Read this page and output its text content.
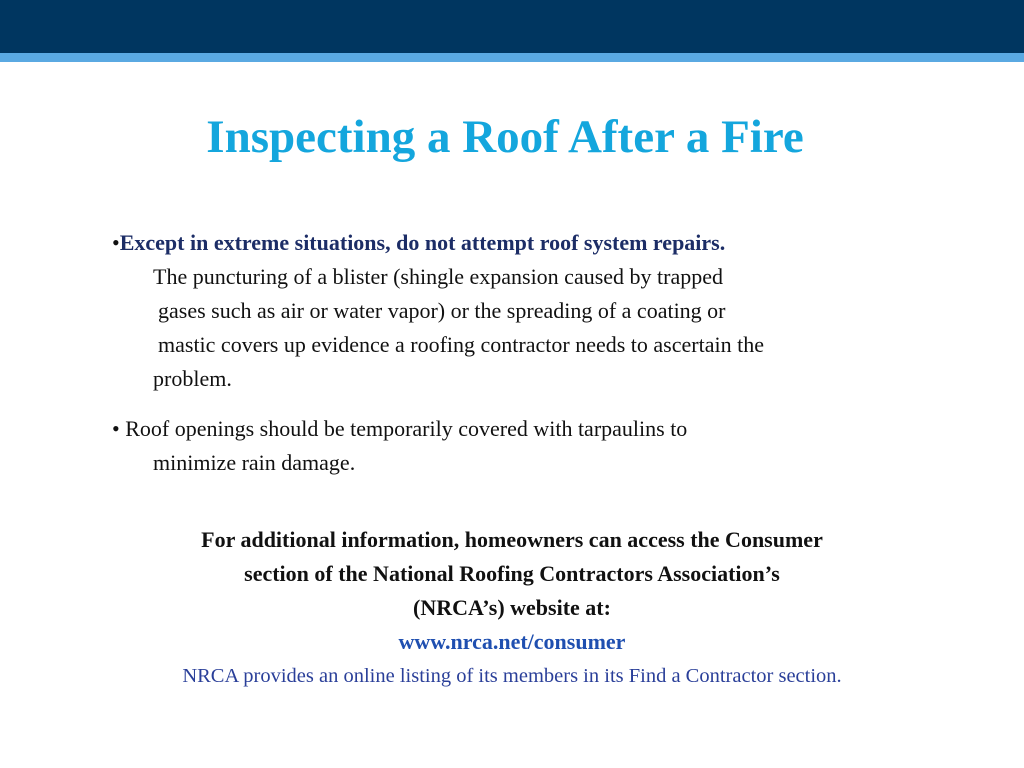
Inspecting a Roof After a Fire

•Except in extreme situations, do not attempt roof system repairs.
The puncturing of a blister (shingle expansion caused by trapped
gases such as air or water vapor) or the spreading of a coating or
mastic covers up evidence a roofing contractor needs to ascertain the
problem.

• Roof openings should be temporarily covered with tarpaulins to
minimize rain damage.

For additional information, homeowners can access the Consumer
section of the National Roofing Contractors Association’s
(NRCA’s) website at:
www.nrca.net/consumer
NRCA provides an online listing of its members in its Find a Contractor section.
